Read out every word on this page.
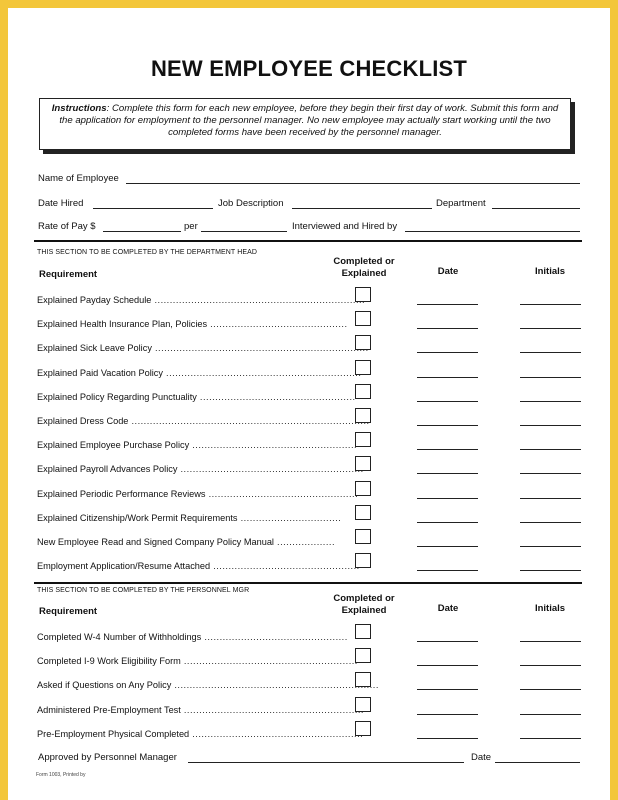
NEW EMPLOYEE CHECKLIST
Instructions: Complete this form for each new employee, before they begin their first day of work. Submit this form and the application for employment to the personnel manager. No new employee may actually start working until the two completed forms have been received by the personnel manager.
Name of Employee
Date Hired	Job Description	Department
Rate of Pay $	per	Interviewed and Hired by
THIS SECTION TO BE COMPLETED BY THE DEPARTMENT HEAD
Requirement
Completed or
Explained	Date	Initials
Explained Payday Schedule .....................................................................
Explained Health Insurance Plan, Policies .............................................
Explained Sick Leave Policy ......................................................................
Explained Paid Vacation Policy ................................................................
Explained Policy Regarding Punctuality ...................................................
Explained Dress Code ..............................................................................
Explained Employee Purchase Policy ......................................................
Explained Payroll Advances Policy ............................................................
Explained Periodic Performance Reviews .................................................
Explained Citizenship/Work Permit Requirements .................................
New Employee Read and Signed Company Policy Manual ...................
Employment Application/Resume Attached ................................................
THIS SECTION TO BE COMPLETED BY THE PERSONNEL MGR
Requirement
Completed or
Explained	Date	Initials
Completed W-4 Number of Withholdings ...............................................
Completed I-9 Work Eligibility Form .........................................................
Asked if Questions on Any Policy ...................................................................
Administered Pre-Employment Test ...........................................................
Pre-Employment Physical Completed ........................................................
Approved by Personnel Manager	Date
Form 1003, Printed by
